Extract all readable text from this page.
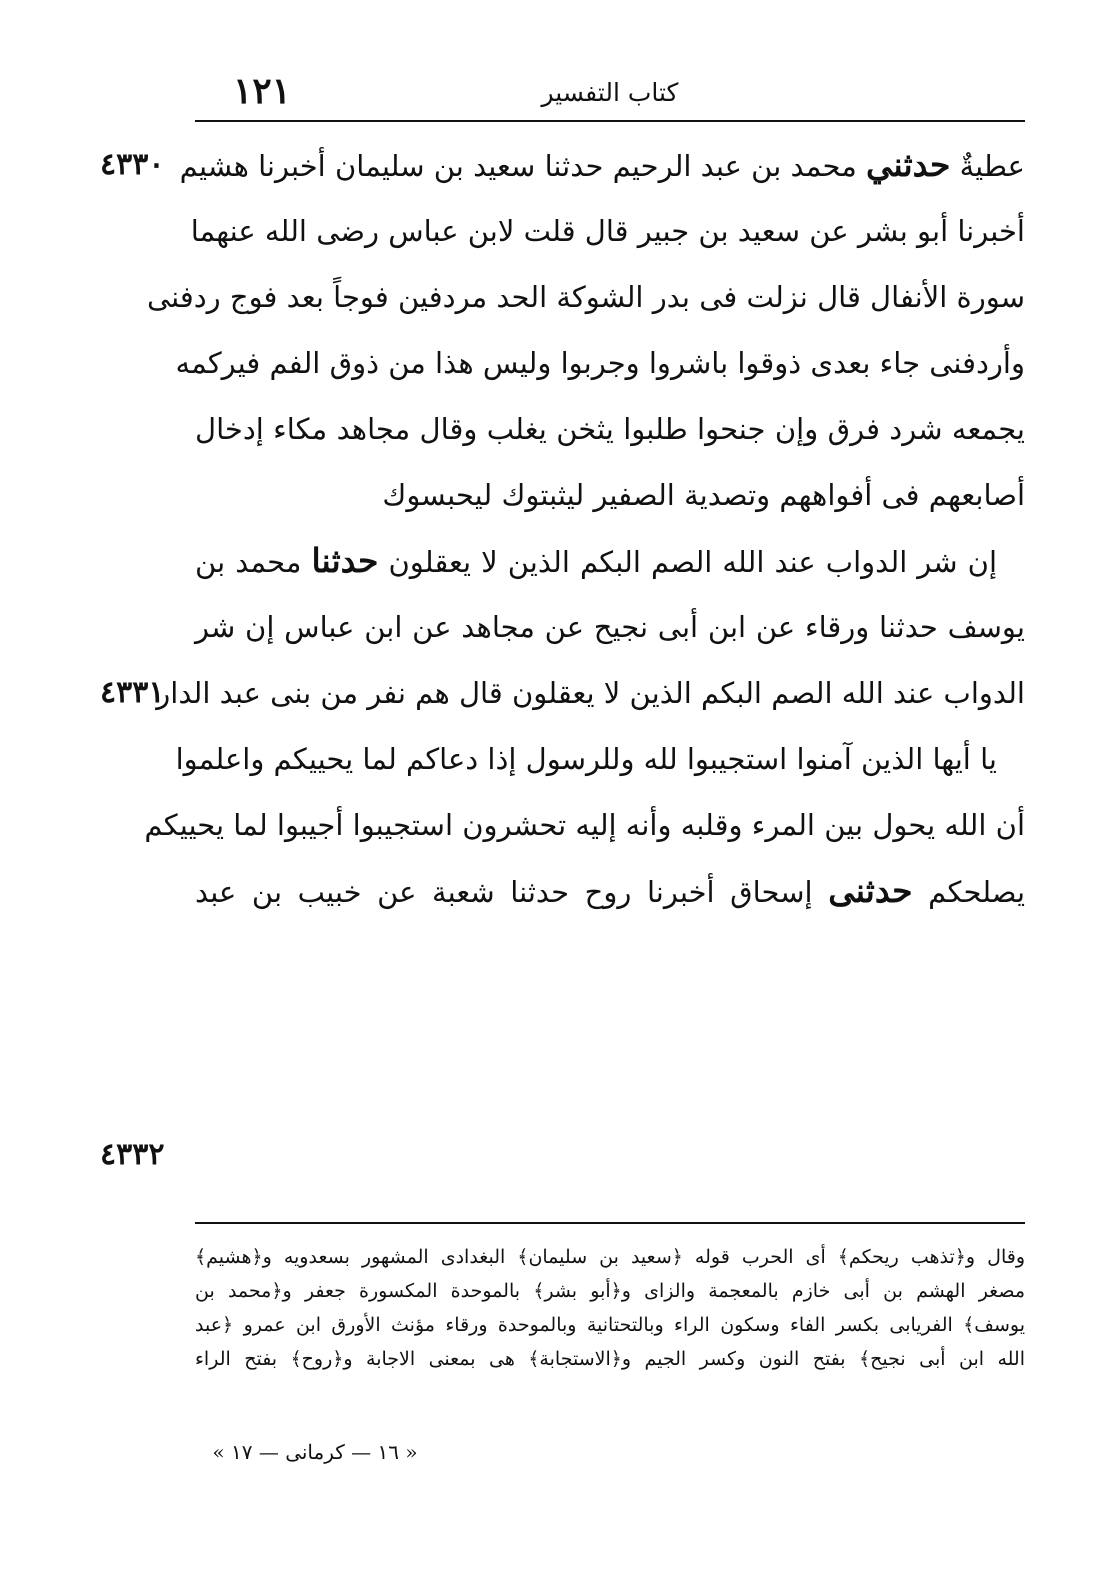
١٢١	كتاب التفسير
٤٣٣٠
٤٣٣١
٤٣٣٢
عطيةٌ حدثني محمد بن عبد الرحيم حدثنا سعيد بن سليمان أخبرنا هشيم
أخبرنا أبو بشر عن سعيد بن جبير قال قلت لابن عباس رضى الله عنهما
سورة الأنفال قال نزلت فى بدر الشوكة الحد مردفين فوجاً بعد فوج ردفنى
وأردفنى جاء بعدى ذوقوا باشروا وجربوا وليس هذا من ذوق الفم فيركمه
يجمعه شرد فرق وإن جنحوا طلبوا يثخن يغلب وقال مجاهد مكاء إدخال
أصابعهم فى أفواههم وتصدية الصفير ليثبتوك ليحبسوك
إن شر الدواب عند الله الصم البكم الذين لا يعقلون حدثنا محمد بن
يوسف حدثنا ورقاء عن ابن أبى نجيح عن مجاهد عن ابن عباس إن شر
الدواب عند الله الصم البكم الذين لا يعقلون قال هم نفر من بنى عبد الدار
يا أيها الذين آمنوا استجيبوا لله وللرسول إذا دعاكم لما يحييكم واعلموا
أن الله يحول بين المرء وقلبه وأنه إليه تحشرون استجيبوا أجيبوا لما يحييكم
يصلحكم حدثنى إسحاق أخبرنا روح حدثنا شعبة عن خبيب بن عبد
وقال و﴿تذهب ريحكم﴾ أى الحرب قوله ﴿سعيد بن سليمان﴾ البغدادى المشهور بسعدويه و﴿هشيم﴾
مصغر الهشم بن أبى خازم بالمعجمة والزاى و﴿أبو بشر﴾ بالموحدة المكسورة جعفر و﴿محمد بن
يوسف﴾ الفريابى بكسر الفاء وسكون الراء وبالتحتانية وبالموحدة ورقاء مؤنث الأورق ابن عمرو ﴿عبد
الله ابن أبى نجيح﴾ بفتح النون وكسر الجيم و﴿الاستجابة﴾ هى بمعنى الاجابة و﴿روح﴾ بفتح الراء
« ١٦ — كرمانى — ١٧ »
